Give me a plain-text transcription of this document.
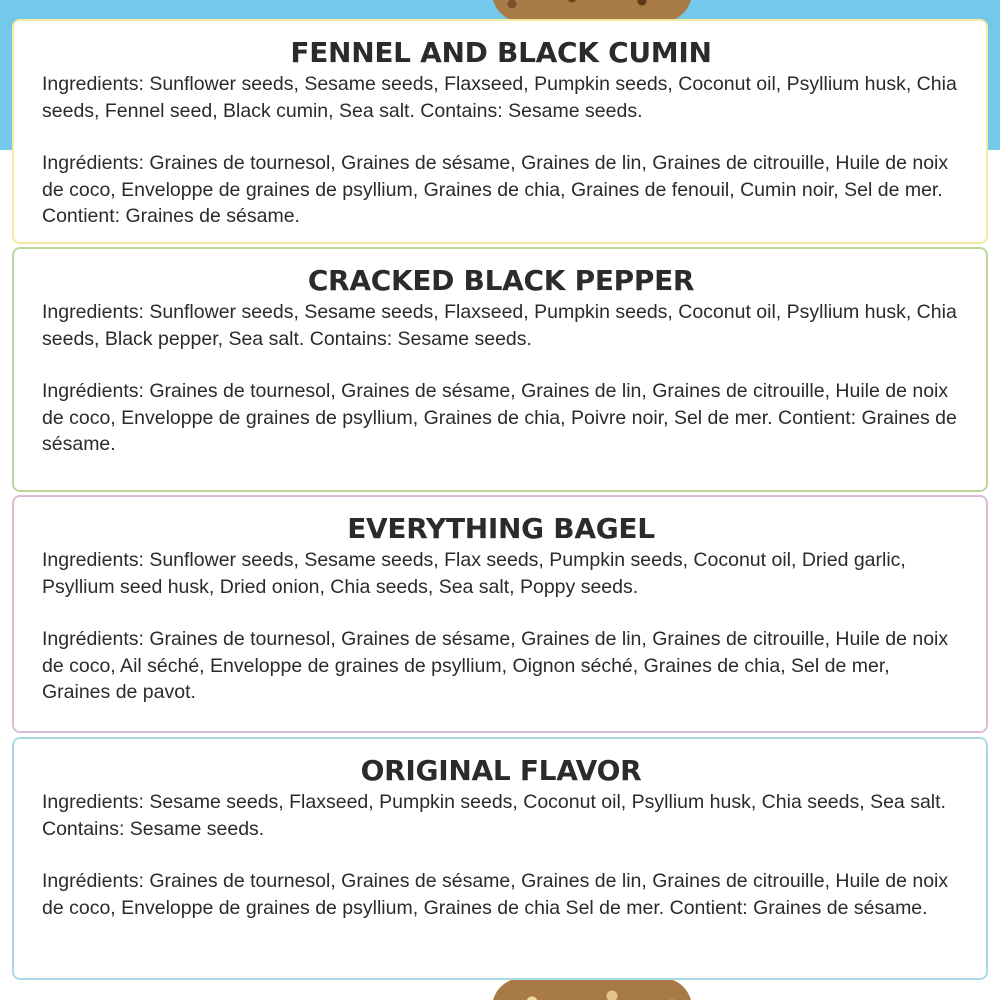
FENNEL AND BLACK CUMIN

Ingredients: Sunflower seeds, Sesame seeds, Flaxseed, Pumpkin seeds, Coconut oil, Psyllium husk, Chia seeds, Fennel seed, Black cumin, Sea salt. Contains: Sesame seeds.

Ingrédients: Graines de tournesol, Graines de sésame, Graines de lin, Graines de citrouille, Huile de noix de coco, Enveloppe de graines de psyllium, Graines de chia, Graines de fenouil, Cumin noir, Sel de mer. Contient: Graines de sésame.

CRACKED BLACK PEPPER

Ingredients: Sunflower seeds, Sesame seeds, Flaxseed, Pumpkin seeds, Coconut oil, Psyllium husk, Chia seeds, Black pepper, Sea salt. Contains: Sesame seeds.

Ingrédients: Graines de tournesol, Graines de sésame, Graines de lin, Graines de citrouille, Huile de noix de coco, Enveloppe de graines de psyllium, Graines de chia, Poivre noir, Sel de mer. Contient: Graines de sésame.

EVERYTHING BAGEL

Ingredients: Sunflower seeds, Sesame seeds, Flax seeds, Pumpkin seeds, Coconut oil, Dried garlic, Psyllium seed husk, Dried onion, Chia seeds, Sea salt, Poppy seeds.

Ingrédients: Graines de tournesol, Graines de sésame, Graines de lin, Graines de citrouille, Huile de noix de coco, Ail séché, Enveloppe de graines de psyllium, Oignon séché, Graines de chia, Sel de mer, Graines de pavot.

ORIGINAL FLAVOR

Ingredients: Sesame seeds, Flaxseed, Pumpkin seeds, Coconut oil, Psyllium husk, Chia seeds, Sea salt. Contains: Sesame seeds.

Ingrédients: Graines de tournesol, Graines de sésame, Graines de lin, Graines de citrouille, Huile de noix de coco, Enveloppe de graines de psyllium, Graines de chia Sel de mer. Contient: Graines de sésame.
